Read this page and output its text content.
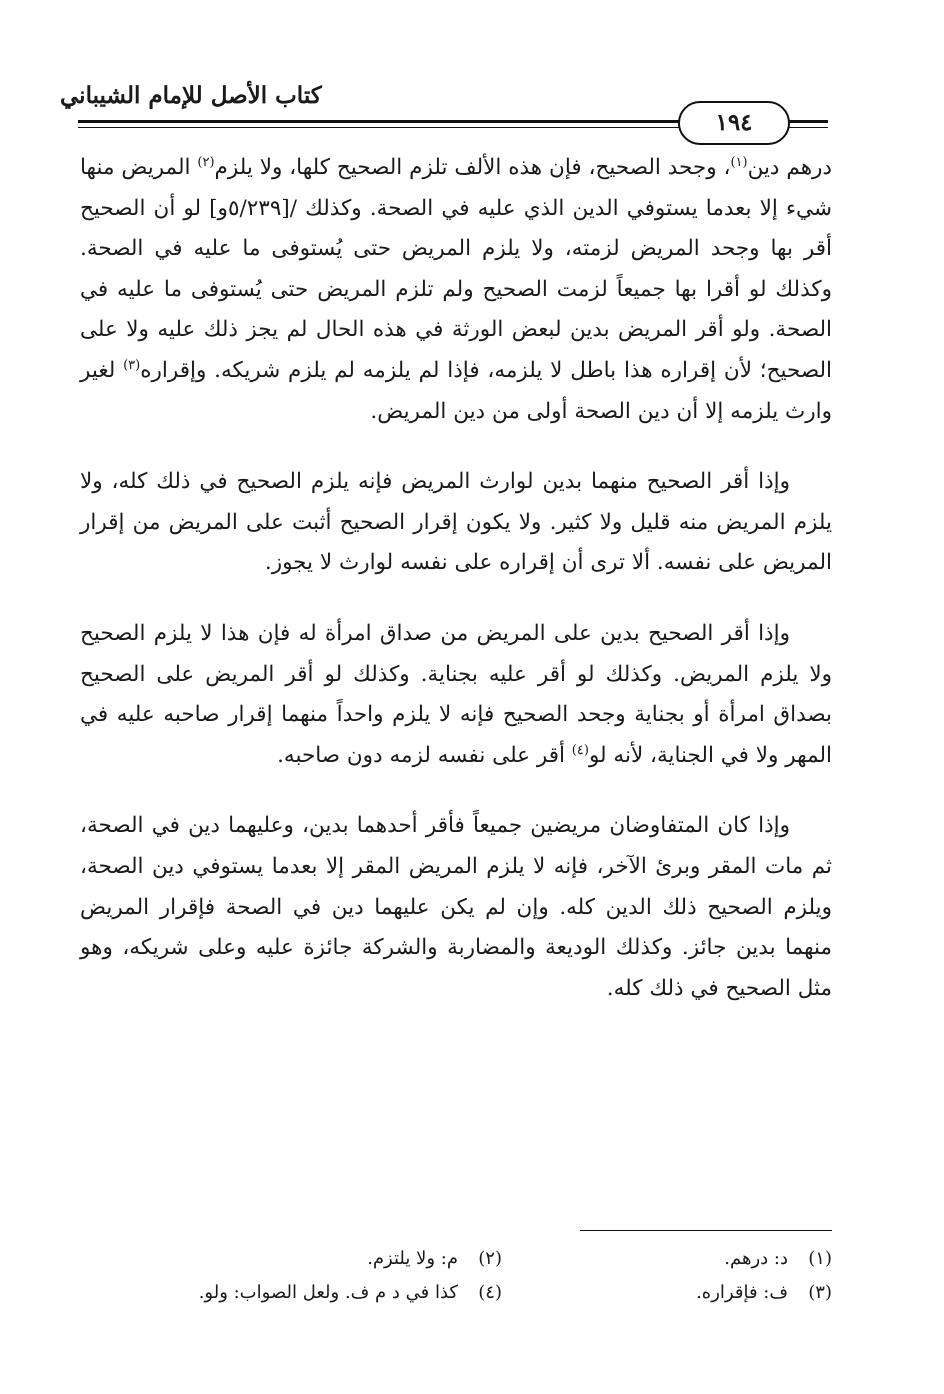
كتاب الأصل للإمام الشيباني
١٩٤

درهم دين$^{(١)}$، وجحد الصحيح، فإن هذه الألف تلزم الصحيح كلها، ولا يلزم$^{(٢)}$ المريض منها شيء إلا بعدما يستوفي الدين الذي عليه في الصحة. وكذلك /[٥/٢٣٩و] لو أن الصحيح أقر بها وجحد المريض لزمته، ولا يلزم المريض حتى يُستوفى ما عليه في الصحة. وكذلك لو أقرا بها جميعاً لزمت الصحيح ولم تلزم المريض حتى يُستوفى ما عليه في الصحة. ولو أقر المريض بدين لبعض الورثة في هذه الحال لم يجز ذلك عليه ولا على الصحيح؛ لأن إقراره هذا باطل لا يلزمه، فإذا لم يلزمه لم يلزم شريكه. وإقراره$^{(٣)}$ لغير وارث يلزمه إلا أن دين الصحة أولى من دين المريض.

وإذا أقر الصحيح منهما بدين لوارث المريض فإنه يلزم الصحيح في ذلك كله، ولا يلزم المريض منه قليل ولا كثير. ولا يكون إقرار الصحيح أثبت على المريض من إقرار المريض على نفسه. ألا ترى أن إقراره على نفسه لوارث لا يجوز.

وإذا أقر الصحيح بدين على المريض من صداق امرأة له فإن هذا لا يلزم الصحيح ولا يلزم المريض. وكذلك لو أقر عليه بجناية. وكذلك لو أقر المريض على الصحيح بصداق امرأة أو بجناية وجحد الصحيح فإنه لا يلزم واحداً منهما إقرار صاحبه عليه في المهر ولا في الجناية، لأنه لو$^{(٤)}$ أقر على نفسه لزمه دون صاحبه.

وإذا كان المتفاوضان مريضين جميعاً فأقر أحدهما بدين، وعليهما دين في الصحة، ثم مات المقر وبرئ الآخر، فإنه لا يلزم المريض المقر إلا بعدما يستوفي دين الصحة، ويلزم الصحيح ذلك الدين كله. وإن لم يكن عليهما دين في الصحة فإقرار المريض منهما بدين جائز. وكذلك الوديعة والمضاربة والشركة جائزة عليه وعلى شريكه، وهو مثل الصحيح في ذلك كله.

(١)د: درهم.
(٢)م: ولا يلتزم.
(٣)ف: فإقراره.
(٤)كذا في د م ف. ولعل الصواب: ولو.
